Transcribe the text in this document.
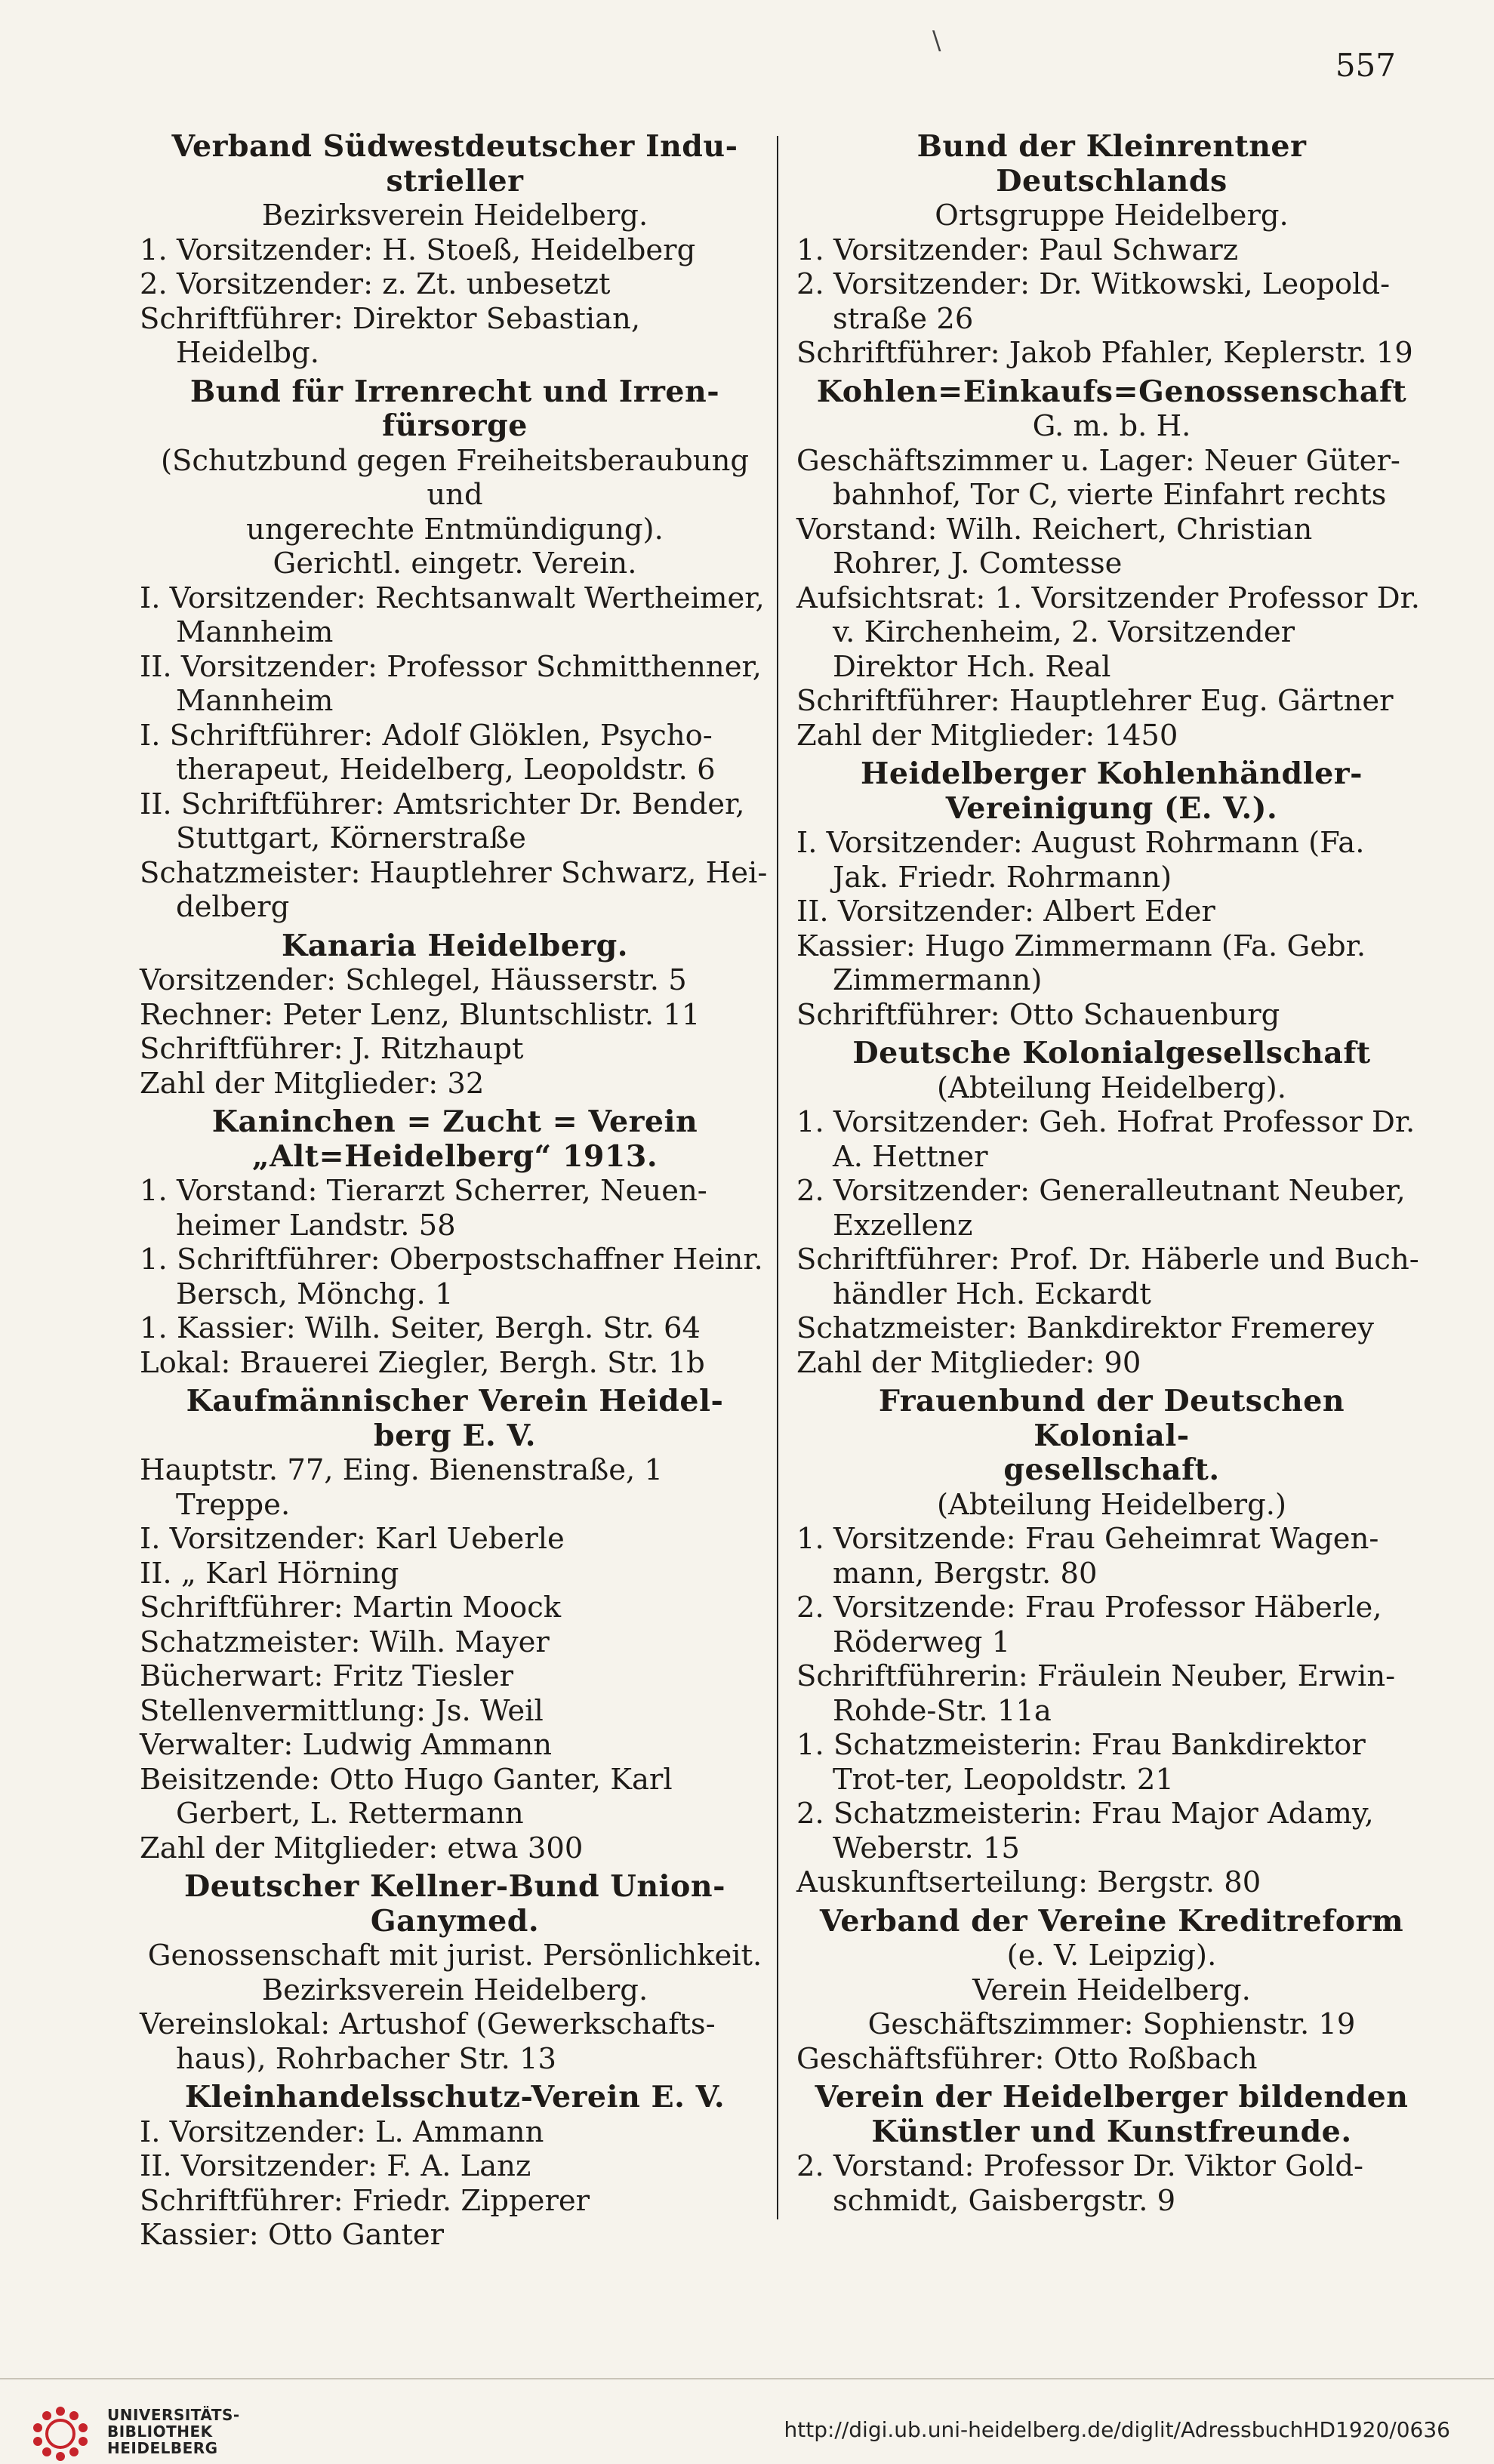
\
557
Verband Südwestdeutscher Indu-
strieller
Bezirksverein Heidelberg.
1. Vorsitzender: H. Stoeß, Heidelberg
2. Vorsitzender: z. Zt. unbesetzt
Schriftführer: Direktor Sebastian, Heidelbg.
Bund für Irrenrecht und Irren-
fürsorge
(Schutzbund gegen Freiheitsberaubung und
ungerechte Entmündigung).
Gerichtl. eingetr. Verein.
I. Vorsitzender: Rechtsanwalt Wertheimer, Mannheim
II. Vorsitzender: Professor Schmitthenner, Mannheim
I. Schriftführer: Adolf Glöklen, Psycho-therapeut, Heidelberg, Leopoldstr. 6
II. Schriftführer: Amtsrichter Dr. Bender, Stuttgart, Körnerstraße
Schatzmeister: Hauptlehrer Schwarz, Hei-delberg
Kanaria Heidelberg.
Vorsitzender: Schlegel, Häusserstr. 5
Rechner: Peter Lenz, Bluntschlistr. 11
Schriftführer: J. Ritzhaupt
Zahl der Mitglieder: 32
Kaninchen = Zucht = Verein
„Alt=Heidelberg“ 1913.
1. Vorstand: Tierarzt Scherrer, Neuen-heimer Landstr. 58
1. Schriftführer: Oberpostschaffner Heinr. Bersch, Mönchg. 1
1. Kassier: Wilh. Seiter, Bergh. Str. 64
Lokal: Brauerei Ziegler, Bergh. Str. 1b
Kaufmännischer Verein Heidel-
berg E. V.
Hauptstr. 77, Eing. Bienenstraße, 1 Treppe.
I. Vorsitzender: Karl Ueberle
II. „ Karl Hörning
Schriftführer: Martin Moock
Schatzmeister: Wilh. Mayer
Bücherwart: Fritz Tiesler
Stellenvermittlung: Js. Weil
Verwalter: Ludwig Ammann
Beisitzende: Otto Hugo Ganter, Karl Gerbert, L. Rettermann
Zahl der Mitglieder: etwa 300
Deutscher Kellner-Bund Union-
Ganymed.
Genossenschaft mit jurist. Persönlichkeit.
Bezirksverein Heidelberg.
Vereinslokal: Artushof (Gewerkschafts-haus), Rohrbacher Str. 13
Kleinhandelsschutz-Verein E. V.
I. Vorsitzender: L. Ammann
II. Vorsitzender: F. A. Lanz
Schriftführer: Friedr. Zipperer
Kassier: Otto Ganter
Bund der Kleinrentner Deutschlands
Ortsgruppe Heidelberg.
1. Vorsitzender: Paul Schwarz
2. Vorsitzender: Dr. Witkowski, Leopold-straße 26
Schriftführer: Jakob Pfahler, Keplerstr. 19
Kohlen=Einkaufs=Genossenschaft
G. m. b. H.
Geschäftszimmer u. Lager: Neuer Güter-bahnhof, Tor C, vierte Einfahrt rechts
Vorstand: Wilh. Reichert, Christian Rohrer, J. Comtesse
Aufsichtsrat: 1. Vorsitzender Professor Dr. v. Kirchenheim, 2. Vorsitzender Direktor Hch. Real
Schriftführer: Hauptlehrer Eug. Gärtner
Zahl der Mitglieder: 1450
Heidelberger Kohlenhändler-
Vereinigung (E. V.).
I. Vorsitzender: August Rohrmann (Fa. Jak. Friedr. Rohrmann)
II. Vorsitzender: Albert Eder
Kassier: Hugo Zimmermann (Fa. Gebr. Zimmermann)
Schriftführer: Otto Schauenburg
Deutsche Kolonialgesellschaft
(Abteilung Heidelberg).
1. Vorsitzender: Geh. Hofrat Professor Dr. A. Hettner
2. Vorsitzender: Generalleutnant Neuber, Exzellenz
Schriftführer: Prof. Dr. Häberle und Buch-händler Hch. Eckardt
Schatzmeister: Bankdirektor Fremerey
Zahl der Mitglieder: 90
Frauenbund der Deutschen Kolonial-
gesellschaft.
(Abteilung Heidelberg.)
1. Vorsitzende: Frau Geheimrat Wagen-mann, Bergstr. 80
2. Vorsitzende: Frau Professor Häberle, Röderweg 1
Schriftführerin: Fräulein Neuber, Erwin-Rohde-Str. 11a
1. Schatzmeisterin: Frau Bankdirektor Trot-ter, Leopoldstr. 21
2. Schatzmeisterin: Frau Major Adamy, Weberstr. 15
Auskunftserteilung: Bergstr. 80
Verband der Vereine Kreditreform
(e. V. Leipzig).
Verein Heidelberg.
Geschäftszimmer: Sophienstr. 19
Geschäftsführer: Otto Roßbach
Verein der Heidelberger bildenden
Künstler und Kunstfreunde.
2. Vorstand: Professor Dr. Viktor Gold-schmidt, Gaisbergstr. 9
UNIVERSITÄTS-
BIBLIOTHEK
HEIDELBERG
http://digi.ub.uni-heidelberg.de/diglit/AdressbuchHD1920/0636
